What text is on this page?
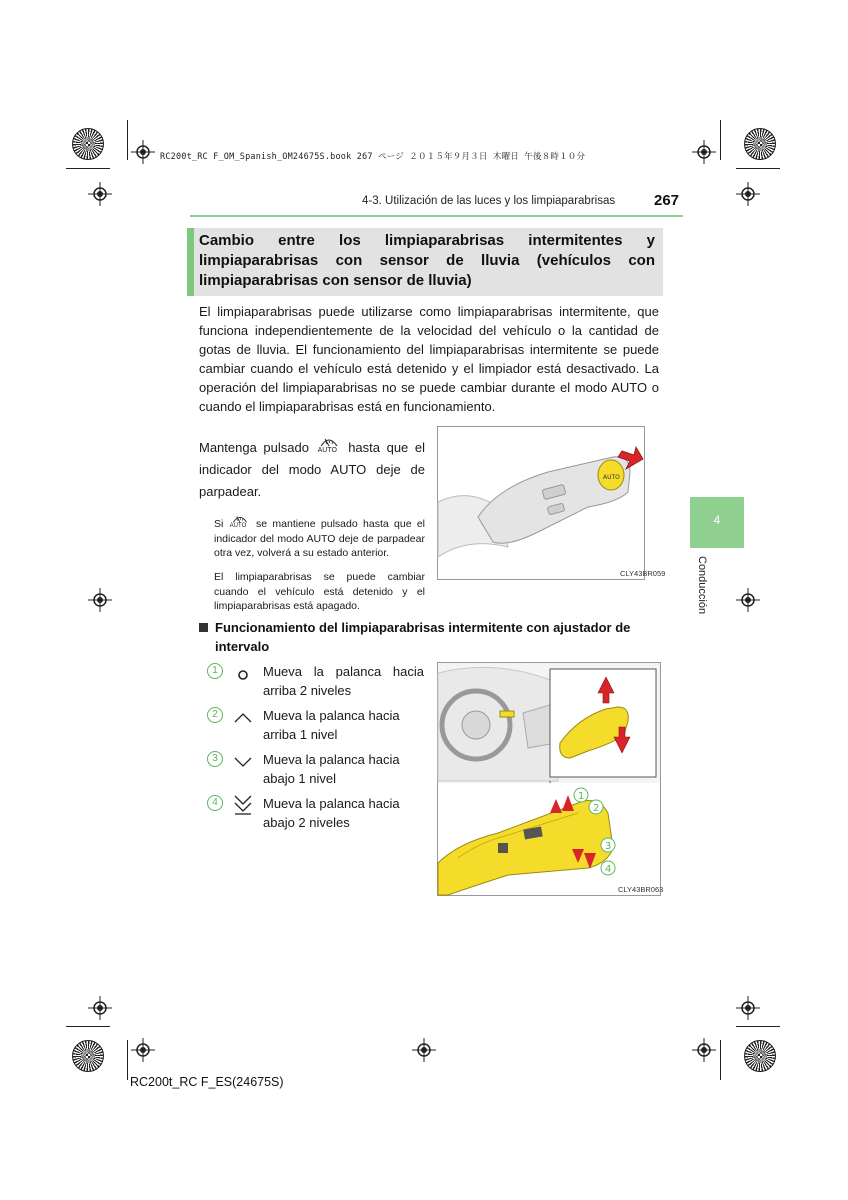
RC200t_RC F_OM_Spanish_OM24675S.book 267 ページ ２０１５年９月３日 木曜日 午後８時１０分
4-3. Utilización de las luces y los limpiaparabrisas	267
Cambio entre los limpiaparabrisas intermitentes y limpiaparabrisas con sensor de lluvia (vehículos con limpiaparabrisas con sensor de lluvia)
El limpiaparabrisas puede utilizarse como limpiaparabrisas intermitente, que funciona independientemente de la velocidad del vehículo o la cantidad de gotas de lluvia. El funcionamiento del limpiaparabrisas intermitente se puede cambiar cuando el vehículo está detenido y el limpiador está desactivado. La operación del limpiaparabrisas no se puede cambiar durante el modo AUTO o cuando el limpiaparabrisas está en funcionamiento.
Mantenga pulsado AUTO hasta que el indicador del modo AUTO deje de parpadear.
Si AUTO se mantiene pulsado hasta que el indicador del modo AUTO deje de parpadear otra vez, volverá a su estado anterior.
El limpiaparabrisas se puede cambiar cuando el vehículo está detenido y el limpiaparabrisas está apagado.
AUTO
CLY43BR059
4
Conducción
Funcionamiento del limpiaparabrisas intermitente con ajustador de intervalo
1	Mueva la palanca hacia arriba 2 niveles
2	Mueva la palanca hacia arriba 1 nivel
3	Mueva la palanca hacia abajo 1 nivel
4	Mueva la palanca hacia abajo 2 niveles
1
2
3
4
CLY43BR063
RC200t_RC F_ES(24675S)
